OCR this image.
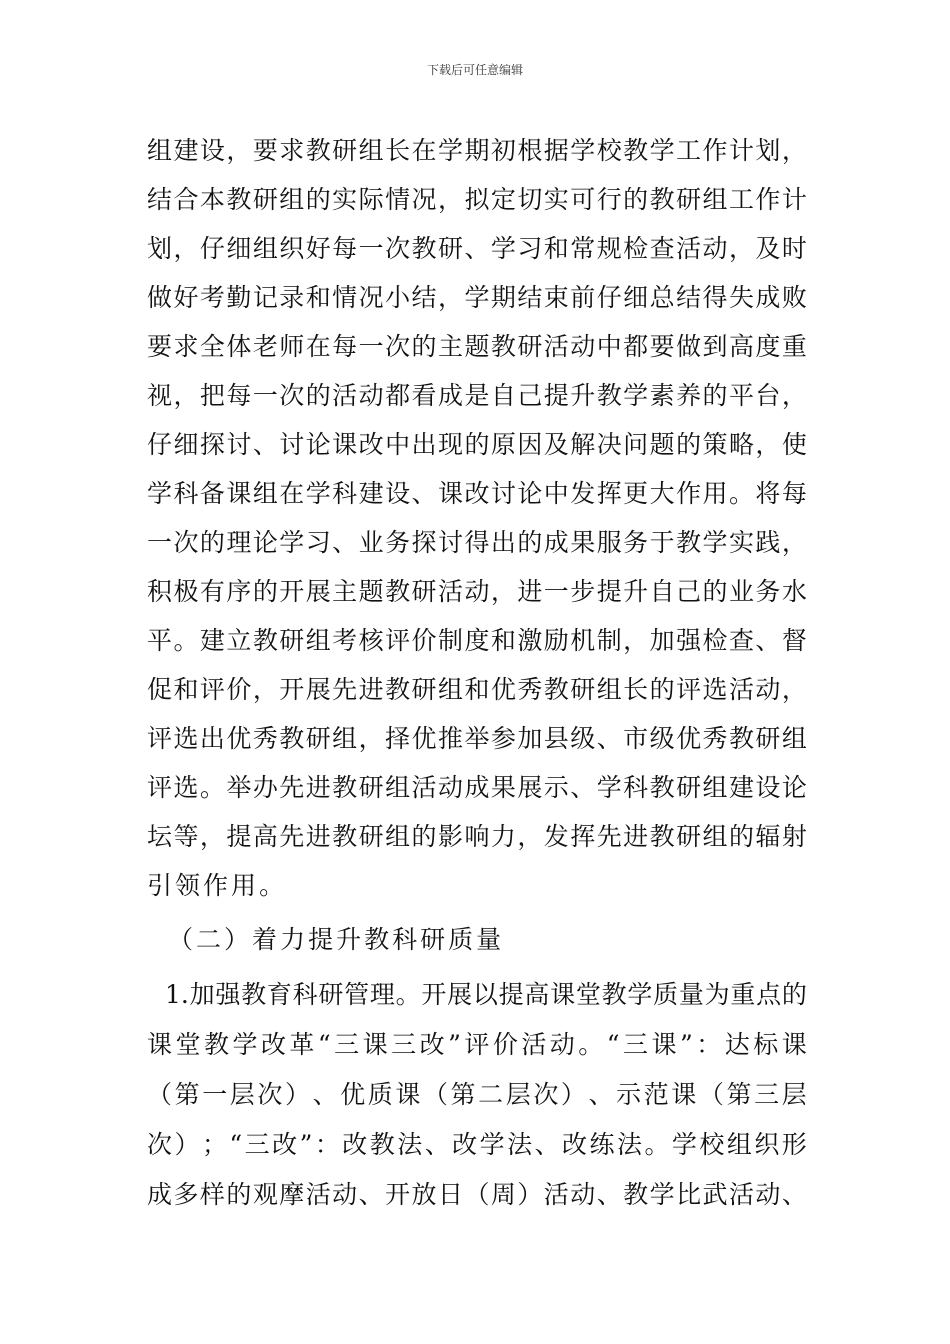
下载后可任意编辑
组 建 设 ， 要 求 教 研 组 长 在 学 期 初 根 据 学 校 教 学 工 作 计 划 ，
结 合 本 教 研 组 的 实 际 情 况 ， 拟 定 切 实 可 行 的 教 研 组 工 作 计
划 ， 仔 细 组 织 好 每 一 次 教 研 、 学 习 和 常 规 检 查 活 动 ， 及 时
做 好 考 勤 记 录 和 情 况 小 结 ， 学 期 结 束 前 仔 细 总 结 得 失 成 败
要 求 全 体 老 师 在 每 一 次 的 主 题 教 研 活 动 中 都 要 做 到 高 度 重
视 ， 把 每 一 次 的 活 动 都 看 成 是 自 己 提 升 教 学 素 养 的 平 台 ，
仔 细 探 讨 、 讨 论 课 改 中 出 现 的 原 因 及 解 决 问 题 的 策 略 ， 使
学 科 备 课 组 在 学 科 建 设 、 课 改 讨 论 中 发 挥 更 大 作 用 。 将 每
一 次 的 理 论 学 习 、 业 务 探 讨 得 出 的 成 果 服 务 于 教 学 实 践 ，
积 极 有 序 的 开 展 主 题 教 研 活 动 ， 进 一 步 提 升 自 己 的 业 务 水
平 。 建 立 教 研 组 考 核 评 价 制 度 和 激 励 机 制 ， 加 强 检 查 、 督
促 和 评 价 ， 开 展 先 进 教 研 组 和 优 秀 教 研 组 长 的 评 选 活 动 ，
评 选 出 优 秀 教 研 组 ， 择 优 推 举 参 加 县 级 、 市 级 优 秀 教 研 组
评 选 。 举 办 先 进 教 研 组 活 动 成 果 展 示 、 学 科 教 研 组 建 设 论
坛 等 ， 提 高 先 进 教 研 组 的 影 响 力 ， 发 挥 先 进 教 研 组 的 辐 射
引 领 作 用 。
（ 二 ） 着 力 提 升 教 科 研 质 量
1. 加 强 教 育 科 研 管 理 。 开 展 以 提 高 课 堂 教 学 质 量 为 重 点 的
课 堂 教 学 改 革 “ 三 课 三 改 ” 评 价 活 动 。 “ 三 课 ” ： 达 标 课
（ 第 一 层 次 ） 、 优 质 课 （ 第 二 层 次 ） 、 示 范 课 （ 第 三 层
次 ） ； “ 三 改 ” ： 改 教 法 、 改 学 法 、 改 练 法 。 学 校 组 织 形
成 多 样 的 观 摩 活 动 、 开 放 日 （ 周 ） 活 动 、 教 学 比 武 活 动 、
